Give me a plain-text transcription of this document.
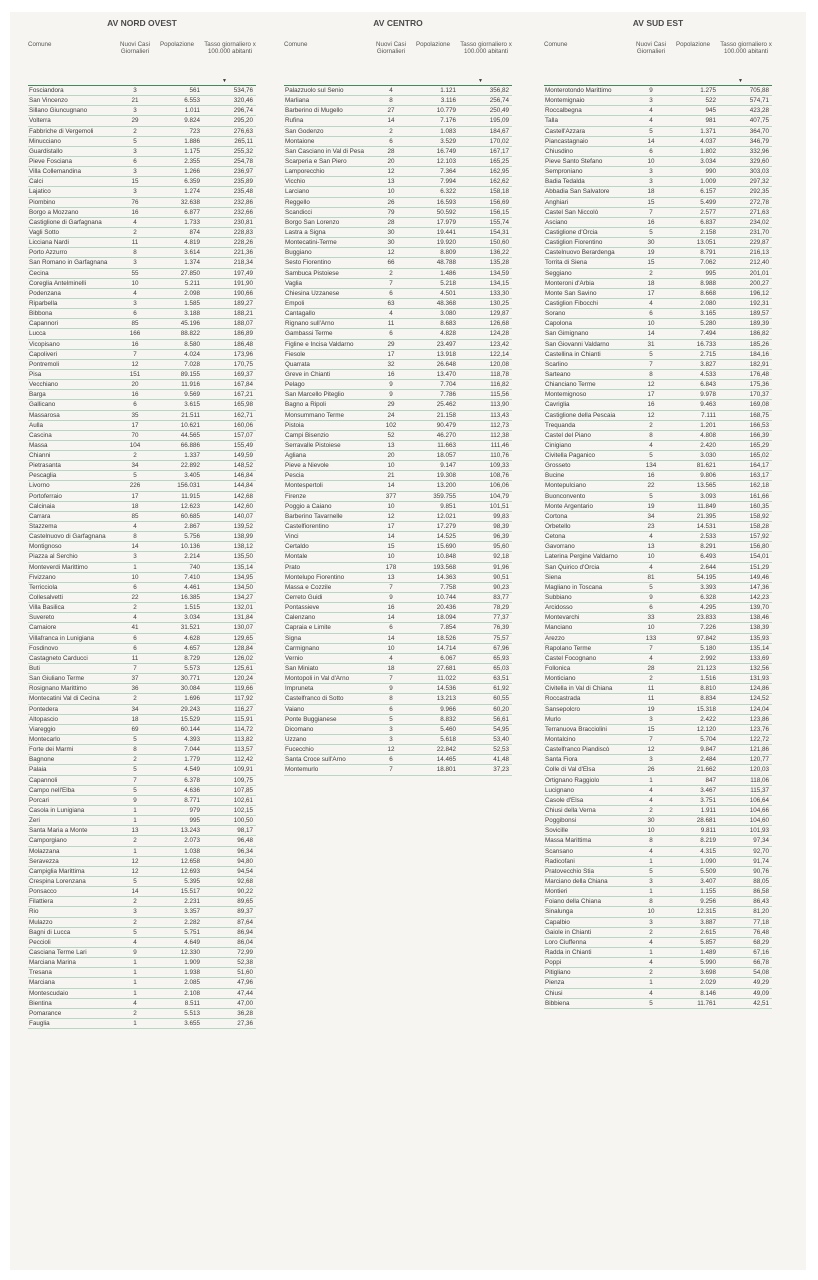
AV NORD OVEST
Comune	Nuovi Casi Giornalieri
Popolazione	Tasso giornaliero x 100.000 abitanti
▼
Fosciandora	3	561	534,76
San Vincenzo	21	6.553	320,46
Sillano Giuncugnano	3	1.011	296,74
Volterra	29	9.824	295,20
Fabbriche di Vergemoli	2	723	276,63
Minucciano	5	1.886	265,11
Guardistallo	3	1.175	255,32
Pieve Fosciana	6	2.355	254,78
Villa Collemandina	3	1.266	236,97
Calci	15	6.359	235,89
Lajatico	3	1.274	235,48
Piombino	76	32.638	232,86
Borgo a Mozzano	16	6.877	232,66
Castiglione di Garfagnana	4	1.733	230,81
Vagli Sotto	2	874	228,83
Licciana Nardi	11	4.819	228,26
Porto Azzurro	8	3.614	221,36
San Romano in Garfagnana	3	1.374	218,34
Cecina	55	27.850	197,49
Coreglia Antelminelli	10	5.211	191,90
Podenzana	4	2.098	190,66
Riparbella	3	1.585	189,27
Bibbona	6	3.188	188,21
Capannori	85	45.196	188,07
Lucca	166	88.822	186,89
Vicopisano	16	8.580	186,48
Capoliveri	7	4.024	173,96
Pontremoli	12	7.028	170,75
Pisa	151	89.155	169,37
Vecchiano	20	11.916	167,84
Barga	16	9.569	167,21
Gallicano	6	3.615	165,98
Massarosa	35	21.511	162,71
Aulla	17	10.621	160,06
Cascina	70	44.565	157,07
Massa	104	66.886	155,49
Chianni	2	1.337	149,59
Pietrasanta	34	22.892	148,52
Pescaglia	5	3.405	146,84
Livorno	226	156.031	144,84
Portoferraio	17	11.915	142,68
Calcinaia	18	12.623	142,60
Carrara	85	60.685	140,07
Stazzema	4	2.867	139,52
Castelnuovo di Garfagnana	8	5.756	138,99
Montignoso	14	10.136	138,12
Piazza al Serchio	3	2.214	135,50
Monteverdi Marittimo	1	740	135,14
Fivizzano	10	7.410	134,95
Terricciola	6	4.461	134,50
Collesalvetti	22	16.385	134,27
Villa Basilica	2	1.515	132,01
Suvereto	4	3.034	131,84
Camaiore	41	31.521	130,07
Villafranca in Lunigiana	6	4.628	129,65
Fosdinovo	6	4.657	128,84
Castagneto Carducci	11	8.729	126,02
Buti	7	5.573	125,61
San Giuliano Terme	37	30.771	120,24
Rosignano Marittimo	36	30.084	119,66
Montecatini Val di Cecina	2	1.696	117,92
Pontedera	34	29.243	116,27
Altopascio	18	15.529	115,91
Viareggio	69	60.144	114,72
Montecarlo	5	4.393	113,82
Forte dei Marmi	8	7.044	113,57
Bagnone	2	1.779	112,42
Palaia	5	4.549	109,91
Capannoli	7	6.378	109,75
Campo nell'Elba	5	4.636	107,85
Porcari	9	8.771	102,61
Casola in Lunigiana	1	979	102,15
Zeri	1	995	100,50
Santa Maria a Monte	13	13.243	98,17
Camporgiano	2	2.073	96,48
Molazzana	1	1.038	96,34
Seravezza	12	12.658	94,80
Campiglia Marittima	12	12.693	94,54
Crespina Lorenzana	5	5.395	92,68
Ponsacco	14	15.517	90,22
Filattiera	2	2.231	89,65
Rio	3	3.357	89,37
Mulazzo	2	2.282	87,64
Bagni di Lucca	5	5.751	86,94
Peccioli	4	4.649	86,04
Casciana Terme Lari	9	12.330	72,99
Marciana Marina	1	1.909	52,38
Tresana	1	1.938	51,60
Marciana	1	2.085	47,96
Montescudaio	1	2.108	47,44
Bientina	4	8.511	47,00
Pomarance	2	5.513	36,28
Fauglia	1	3.655	27,36
AV CENTRO
Comune	Nuovi Casi Giornalieri
Popolazione	Tasso giornaliero x 100.000 abitanti
▼
Palazzuolo sul Senio	4	1.121	356,82
Marliana	8	3.116	256,74
Barberino di Mugello	27	10.779	250,49
Rufina	14	7.176	195,09
San Godenzo	2	1.083	184,67
Montaione	6	3.529	170,02
San Casciano in Val di Pesa	28	16.749	167,17
Scarperia e San Piero	20	12.103	165,25
Lamporecchio	12	7.364	162,95
Vicchio	13	7.994	162,62
Larciano	10	6.322	158,18
Reggello	26	16.593	156,69
Scandicci	79	50.592	156,15
Borgo San Lorenzo	28	17.979	155,74
Lastra a Signa	30	19.441	154,31
Montecatini-Terme	30	19.920	150,60
Buggiano	12	8.809	136,22
Sesto Fiorentino	66	48.788	135,28
Sambuca Pistoiese	2	1.486	134,59
Vaglia	7	5.218	134,15
Chiesina Uzzanese	6	4.501	133,30
Empoli	63	48.368	130,25
Cantagallo	4	3.080	129,87
Rignano sull'Arno	11	8.683	126,68
Gambassi Terme	6	4.828	124,28
Figline e Incisa Valdarno	29	23.497	123,42
Fiesole	17	13.918	122,14
Quarrata	32	26.648	120,08
Greve in Chianti	16	13.470	118,78
Pelago	9	7.704	116,82
San Marcello Piteglio	9	7.786	115,56
Bagno a Ripoli	29	25.462	113,90
Monsummano Terme	24	21.158	113,43
Pistoia	102	90.479	112,73
Campi Bisenzio	52	46.270	112,38
Serravalle Pistoiese	13	11.663	111,46
Agliana	20	18.057	110,76
Pieve a Nievole	10	9.147	109,33
Pescia	21	19.308	108,76
Montespertoli	14	13.200	106,06
Firenze	377	359.755	104,79
Poggio a Caiano	10	9.851	101,51
Barberino Tavarnelle	12	12.021	99,83
Castelfiorentino	17	17.279	98,39
Vinci	14	14.525	96,39
Certaldo	15	15.690	95,60
Montale	10	10.848	92,18
Prato	178	193.568	91,96
Montelupo Fiorentino	13	14.363	90,51
Massa e Cozzile	7	7.758	90,23
Cerreto Guidi	9	10.744	83,77
Pontassieve	16	20.436	78,29
Calenzano	14	18.094	77,37
Capraia e Limite	6	7.854	76,39
Signa	14	18.526	75,57
Carmignano	10	14.714	67,96
Vernio	4	6.067	65,93
San Miniato	18	27.681	65,03
Montopoli in Val d'Arno	7	11.022	63,51
Impruneta	9	14.536	61,92
Castelfranco di Sotto	8	13.213	60,55
Vaiano	6	9.966	60,20
Ponte Buggianese	5	8.832	56,61
Dicomano	3	5.460	54,95
Uzzano	3	5.618	53,40
Fucecchio	12	22.842	52,53
Santa Croce sull'Arno	6	14.465	41,48
Montemurlo	7	18.801	37,23
AV SUD EST
Comune	Nuovi Casi Giornalieri
Popolazione	Tasso giornaliero x 100.000 abitanti
▼
Monterotondo Marittimo	9	1.275	705,88
Montemignaio	3	522	574,71
Roccalbegna	4	945	423,28
Talla	4	981	407,75
Castell'Azzara	5	1.371	364,70
Piancastagnaio	14	4.037	346,79
Chiusdino	6	1.802	332,96
Pieve Santo Stefano	10	3.034	329,60
Semproniano	3	990	303,03
Badia Tedalda	3	1.009	297,32
Abbadia San Salvatore	18	6.157	292,35
Anghiari	15	5.499	272,78
Castel San Niccolò	7	2.577	271,63
Asciano	16	6.837	234,02
Castiglione d'Orcia	5	2.158	231,70
Castiglion Fiorentino	30	13.051	229,87
Castelnuovo Berardenga	19	8.791	216,13
Torrita di Siena	15	7.062	212,40
Seggiano	2	995	201,01
Monteroni d'Arbia	18	8.988	200,27
Monte San Savino	17	8.668	196,12
Castiglion Fibocchi	4	2.080	192,31
Sorano	6	3.165	189,57
Capolona	10	5.280	189,39
San Gimignano	14	7.494	186,82
San Giovanni Valdarno	31	16.733	185,26
Castellina in Chianti	5	2.715	184,16
Scarlino	7	3.827	182,91
Sarteano	8	4.533	176,48
Chianciano Terme	12	6.843	175,36
Montemignoso	17	9.978	170,37
Cavriglia	16	9.463	169,08
Castiglione della Pescaia	12	7.111	168,75
Trequanda	2	1.201	166,53
Castel del Piano	8	4.808	166,39
Cinigiano	4	2.420	165,29
Civitella Paganico	5	3.030	165,02
Grosseto	134	81.621	164,17
Bucine	16	9.806	163,17
Montepulciano	22	13.565	162,18
Buonconvento	5	3.093	161,66
Monte Argentario	19	11.849	160,35
Cortona	34	21.395	158,92
Orbetello	23	14.531	158,28
Cetona	4	2.533	157,92
Gavorrano	13	8.291	156,80
Laterina Pergine Valdarno	10	6.493	154,01
San Quirico d'Orcia	4	2.644	151,29
Siena	81	54.195	149,46
Magliano in Toscana	5	3.393	147,36
Subbiano	9	6.328	142,23
Arcidosso	6	4.295	139,70
Montevarchi	33	23.833	138,46
Manciano	10	7.226	138,39
Arezzo	133	97.842	135,93
Rapolano Terme	7	5.180	135,14
Castel Focognano	4	2.992	133,69
Follonica	28	21.123	132,56
Monticiano	2	1.516	131,93
Civitella in Val di Chiana	11	8.810	124,86
Roccastrada	11	8.834	124,52
Sansepolcro	19	15.318	124,04
Murlo	3	2.422	123,86
Terranuova Bracciolini	15	12.120	123,76
Montalcino	7	5.704	122,72
Castelfranco Piandiscò	12	9.847	121,86
Santa Fiora	3	2.484	120,77
Colle di Val d'Elsa	26	21.662	120,03
Ortignano Raggiolo	1	847	118,06
Lucignano	4	3.467	115,37
Casole d'Elsa	4	3.751	106,64
Chiusi della Verna	2	1.911	104,66
Poggibonsi	30	28.681	104,60
Sovicille	10	9.811	101,93
Massa Marittima	8	8.219	97,34
Scansano	4	4.315	92,70
Radicofani	1	1.090	91,74
Pratovecchio Stia	5	5.509	90,76
Marciano della Chiana	3	3.407	88,05
Montieri	1	1.155	86,58
Foiano della Chiana	8	9.256	86,43
Sinalunga	10	12.315	81,20
Capalbio	3	3.887	77,18
Gaiole in Chianti	2	2.615	76,48
Loro Ciuffenna	4	5.857	68,29
Radda in Chianti	1	1.489	67,16
Poppi	4	5.990	66,78
Pitigliano	2	3.698	54,08
Pienza	1	2.029	49,29
Chiusi	4	8.146	49,09
Bibbiena	5	11.761	42,51
